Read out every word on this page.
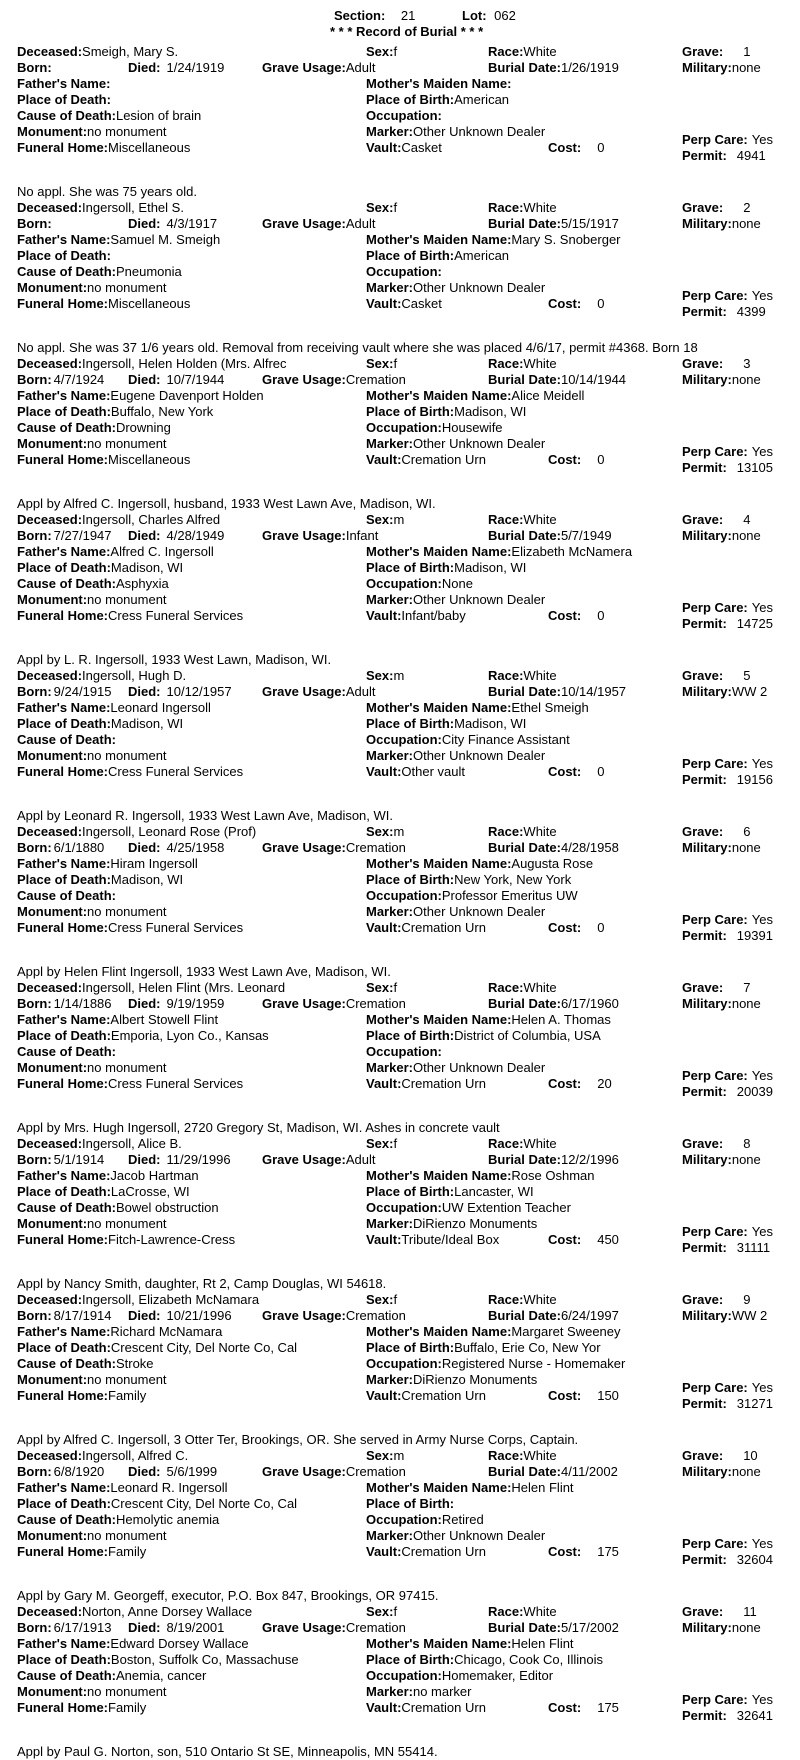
Section: 21	Lot: 062
* * * Record of Burial * * *
Deceased:Smeigh, Mary S.
Born:	Died: 1/24/1919	Grave Usage:Adult
Father's Name:
Place of Death:
Cause of Death:Lesion of brain
Monument:no monument
Funeral Home:Miscellaneous
Sex:f	Race:White
Burial Date:1/26/1919
Mother's Maiden Name:
Place of Birth:American
Occupation:
Marker:Other Unknown Dealer
Vault:Casket	Cost: 0
Grave: 1
Military:none
Perp Care: Yes
Permit: 4941
No appl. She was 75 years old.
Deceased:Ingersoll, Ethel S.
Born:	Died: 4/3/1917	Grave Usage:Adult
Father's Name:Samuel M. Smeigh
Place of Death:
Cause of Death:Pneumonia
Monument:no monument
Funeral Home:Miscellaneous
Sex:f	Race:White
Burial Date:5/15/1917
Mother's Maiden Name:Mary S. Snoberger
Place of Birth:American
Occupation:
Marker:Other Unknown Dealer
Vault:Casket	Cost: 0
Grave: 2
Military:none
Perp Care: Yes
Permit: 4399
No appl. She was 37 1/6 years old. Removal from receiving vault where she was placed 4/6/17, permit #4368. Born 18
Deceased:Ingersoll, Helen Holden (Mrs. Alfrec
Born: 4/7/1924	Died: 10/7/1944	Grave Usage:Cremation
Father's Name:Eugene Davenport Holden
Place of Death:Buffalo, New York
Cause of Death:Drowning
Monument:no monument
Funeral Home:Miscellaneous
Sex:f	Race:White
Burial Date:10/14/1944
Mother's Maiden Name:Alice Meidell
Place of Birth:Madison, WI
Occupation:Housewife
Marker:Other Unknown Dealer
Vault:Cremation Urn	Cost: 0
Grave: 3
Military:none
Perp Care: Yes
Permit: 13105
Appl by Alfred C. Ingersoll, husband, 1933 West Lawn Ave, Madison, WI.
Deceased:Ingersoll, Charles Alfred
Born: 7/27/1947	Died: 4/28/1949	Grave Usage:Infant
Father's Name:Alfred C. Ingersoll
Place of Death:Madison, WI
Cause of Death:Asphyxia
Monument:no monument
Funeral Home:Cress Funeral Services
Sex:m	Race:White
Burial Date:5/7/1949
Mother's Maiden Name:Elizabeth McNamera
Place of Birth:Madison, WI
Occupation:None
Marker:Other Unknown Dealer
Vault:Infant/baby	Cost: 0
Grave: 4
Military:none
Perp Care: Yes
Permit: 14725
Appl by L. R. Ingersoll, 1933 West Lawn, Madison, WI.
Deceased:Ingersoll, Hugh D.
Born: 9/24/1915	Died: 10/12/1957	Grave Usage:Adult
Father's Name:Leonard Ingersoll
Place of Death:Madison, WI
Cause of Death:
Monument:no monument
Funeral Home:Cress Funeral Services
Sex:m	Race:White
Burial Date:10/14/1957
Mother's Maiden Name:Ethel Smeigh
Place of Birth:Madison, WI
Occupation:City Finance Assistant
Marker:Other Unknown Dealer
Vault:Other vault	Cost: 0
Grave: 5
Military:WW 2
Perp Care: Yes
Permit: 19156
Appl by Leonard R. Ingersoll, 1933 West Lawn Ave, Madison, WI.
Deceased:Ingersoll, Leonard Rose (Prof)
Born: 6/1/1880	Died: 4/25/1958	Grave Usage:Cremation
Father's Name:Hiram Ingersoll
Place of Death:Madison, WI
Cause of Death:
Monument:no monument
Funeral Home:Cress Funeral Services
Sex:m	Race:White
Burial Date:4/28/1958
Mother's Maiden Name:Augusta Rose
Place of Birth:New York, New York
Occupation:Professor Emeritus UW
Marker:Other Unknown Dealer
Vault:Cremation Urn	Cost: 0
Grave: 6
Military:none
Perp Care: Yes
Permit: 19391
Appl by Helen Flint Ingersoll, 1933 West Lawn Ave, Madison, WI.
Deceased:Ingersoll, Helen Flint (Mrs. Leonard
Born: 1/14/1886	Died: 9/19/1959	Grave Usage:Cremation
Father's Name:Albert Stowell Flint
Place of Death:Emporia, Lyon Co., Kansas
Cause of Death:
Monument:no monument
Funeral Home:Cress Funeral Services
Sex:f	Race:White
Burial Date:6/17/1960
Mother's Maiden Name:Helen A. Thomas
Place of Birth:District of Columbia, USA
Occupation:
Marker:Other Unknown Dealer
Vault:Cremation Urn	Cost: 20
Grave: 7
Military:none
Perp Care: Yes
Permit: 20039
Appl by Mrs. Hugh Ingersoll, 2720 Gregory St, Madison, WI. Ashes in concrete vault
Deceased:Ingersoll, Alice B.
Born: 5/1/1914	Died: 11/29/1996	Grave Usage:Adult
Father's Name:Jacob Hartman
Place of Death:LaCrosse, WI
Cause of Death:Bowel obstruction
Monument:no monument
Funeral Home:Fitch-Lawrence-Cress
Sex:f	Race:White
Burial Date:12/2/1996
Mother's Maiden Name:Rose Oshman
Place of Birth:Lancaster, WI
Occupation:UW Extention Teacher
Marker:DiRienzo Monuments
Vault:Tribute/Ideal Box	Cost: 450
Grave: 8
Military:none
Perp Care: Yes
Permit: 31111
Appl by Nancy Smith, daughter, Rt 2, Camp Douglas, WI 54618.
Deceased:Ingersoll, Elizabeth McNamara
Born: 8/17/1914	Died: 10/21/1996	Grave Usage:Cremation
Father's Name:Richard McNamara
Place of Death:Crescent City, Del Norte Co, Cal
Cause of Death:Stroke
Monument:no monument
Funeral Home:Family
Sex:f	Race:White
Burial Date:6/24/1997
Mother's Maiden Name:Margaret Sweeney
Place of Birth:Buffalo, Erie Co, New Yor
Occupation:Registered Nurse - Homemaker
Marker:DiRienzo Monuments
Vault:Cremation Urn	Cost: 150
Grave: 9
Military:WW 2
Perp Care: Yes
Permit: 31271
Appl by Alfred C. Ingersoll, 3 Otter Ter, Brookings, OR. She served in Army Nurse Corps, Captain.
Deceased:Ingersoll, Alfred C.
Born: 6/8/1920	Died: 5/6/1999	Grave Usage:Cremation
Father's Name:Leonard R. Ingersoll
Place of Death:Crescent City, Del Norte Co, Cal
Cause of Death:Hemolytic anemia
Monument:no monument
Funeral Home:Family
Sex:m	Race:White
Burial Date:4/11/2002
Mother's Maiden Name:Helen Flint
Place of Birth:
Occupation:Retired
Marker:Other Unknown Dealer
Vault:Cremation Urn	Cost: 175
Grave: 10
Military:none
Perp Care: Yes
Permit: 32604
Appl by Gary M. Georgeff, executor, P.O. Box 847, Brookings, OR 97415.
Deceased:Norton, Anne Dorsey Wallace
Born: 6/17/1913	Died: 8/19/2001	Grave Usage:Cremation
Father's Name:Edward Dorsey Wallace
Place of Death:Boston, Suffolk Co, Massachuse
Cause of Death:Anemia, cancer
Monument:no monument
Funeral Home:Family
Sex:f	Race:White
Burial Date:5/17/2002
Mother's Maiden Name:Helen Flint
Place of Birth:Chicago, Cook Co, Illinois
Occupation:Homemaker, Editor
Marker:no marker
Vault:Cremation Urn	Cost: 175
Grave: 11
Military:none
Perp Care: Yes
Permit: 32641
Appl by Paul G. Norton, son, 510 Ontario St SE, Minneapolis, MN 55414.
